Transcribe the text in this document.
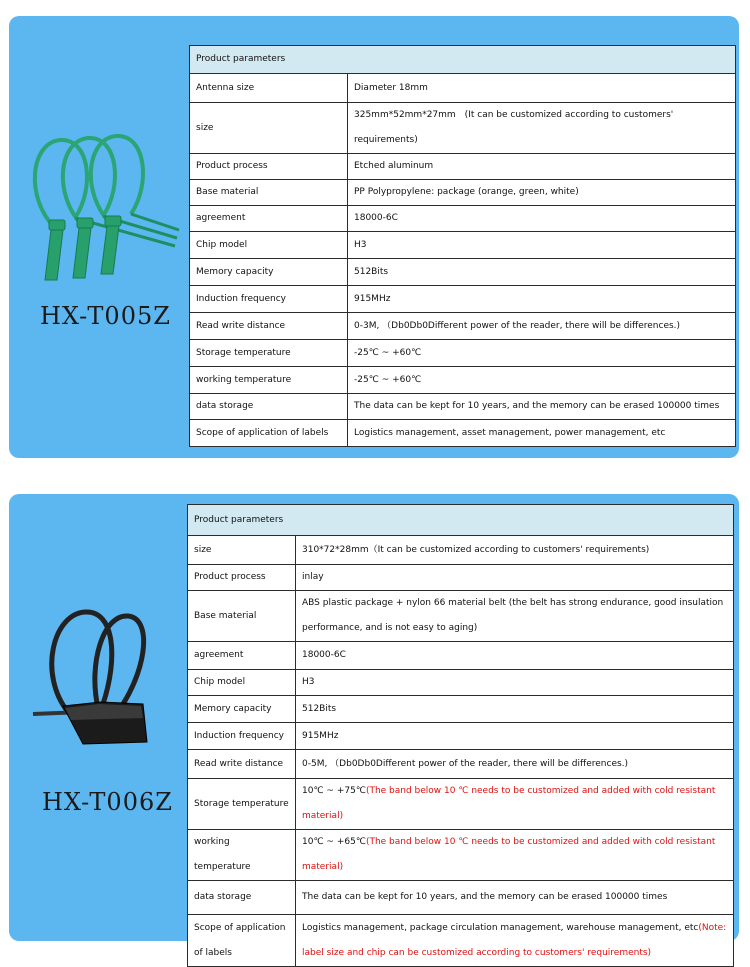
HX-T005Z
Product parameters	
Antenna size	Diameter 18mm
size	325mm*52mm*27mm　(It can be customized according to customers' requirements)
Product process	Etched aluminum
Base material	PP Polypropylene: package (orange, green, white)
agreement	18000-6C
Chip model	H3
Memory capacity	512Bits
Induction frequency	915MHz
Read write distance	0-3M, （Db0Db0Different power of the reader, there will be differences.)
Storage temperature	-25℃ ~ +60℃
working temperature	-25℃ ~ +60℃
data storage	The data can be kept for 10 years, and the memory can be erased 100000 times
Scope of application of labels	Logistics management, asset management, power management, etc
HX-T006Z
Product parameters	
size	310*72*28mm（It can be customized according to customers' requirements)
Product process	inlay
Base material	ABS plastic package + nylon 66 material belt (the belt has strong endurance, good insulation performance, and is not easy to aging)
agreement	18000-6C
Chip model	H3
Memory capacity	512Bits
Induction frequency	915MHz
Read write distance	0-5M, （Db0Db0Different power of the reader, there will be differences.)
Storage temperature	10℃ ~ +75℃(The band below 10 ℃ needs to be customized and added with cold resistant material)
working temperature	10℃ ~ +65℃(The band below 10 ℃ needs to be customized and added with cold resistant material)
data storage	The data can be kept for 10 years, and the memory can be erased 100000 times
Scope of application of labels	Logistics management, package circulation management, warehouse management, etc(Note: label size and chip can be customized according to customers' requirements)
